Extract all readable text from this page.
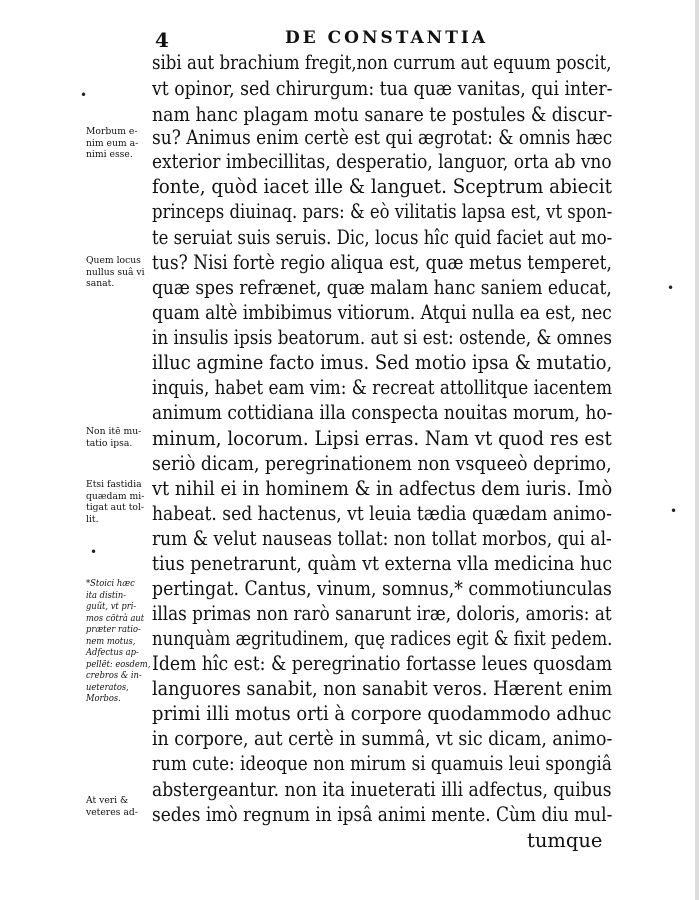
4	DE CONSTANTIA
sibi aut brachium fregit,non currum aut equum poscit,
vt opinor, sed chirurgum: tua quæ vanitas, qui inter-
nam hanc plagam motu sanare te postules & discur-
su? Animus enim certè est qui ægrotat: & omnis hæc
exterior imbecillitas, desperatio, languor, orta ab vno
fonte, quòd iacet ille & languet. Sceptrum abiecit
princeps diuinaq. pars: & eò vilitatis lapsa est, vt spon-
te seruiat suis seruis. Dic, locus hîc quid faciet aut mo-
tus? Nisi fortè regio aliqua est, quæ metus temperet,
quæ spes refrænet, quæ malam hanc saniem educat,
quam altè imbibimus vitiorum. Atqui nulla ea est, nec
in insulis ipsis beatorum. aut si est: ostende, & omnes
illuc agmine facto imus. Sed motio ipsa & mutatio,
inquis, habet eam vim: & recreat attollitque iacentem
animum cottidiana illa conspecta nouitas morum, ho-
minum, locorum. Lipsi erras. Nam vt quod res est
seriò dicam, peregrinationem non vsqueeò deprimo,
vt nihil ei in hominem & in adfectus dem iuris. Imò
habeat. sed hactenus, vt leuia tædia quædam animo-
rum & velut nauseas tollat: non tollat morbos, qui al-
tius penetrarunt, quàm vt externa vlla medicina huc
pertingat. Cantus, vinum, somnus,* commotiunculas
illas primas non rarò sanarunt iræ, doloris, amoris: at
nunquàm ægritudinem, quę radices egit & fixit pedem.
Idem hîc est: & peregrinatio fortasse leues quosdam
languores sanabit, non sanabit veros. Hærent enim
primi illi motus orti à corpore quodammodo adhuc
in corpore, aut certè in summâ, vt sic dicam, animo-
rum cute: ideoque non mirum si quamuis leui spongiâ
abstergeantur. non ita inueterati illi adfectus, quibus
sedes imò regnum in ipsâ animi mente. Cùm diu mul-
tumque
Morbum e-
nim eum a-
nimi esse.
Quem locus
nullus suâ vi
sanat.
Non itē mu-
tatio ipsa.
Etsi fastidia
quædam mi-
tigat aut tol-
lit.
*Stoici hæc
ita distin-
guũt, vt pri-
mos cōtrà aut
præter ratio-
nem motus,
Adfectus ap-
pellēt: eosdem,
crebros & in-
ueteratos,
Morbos.
At veri &
veteres ad-
•
•
•
•
